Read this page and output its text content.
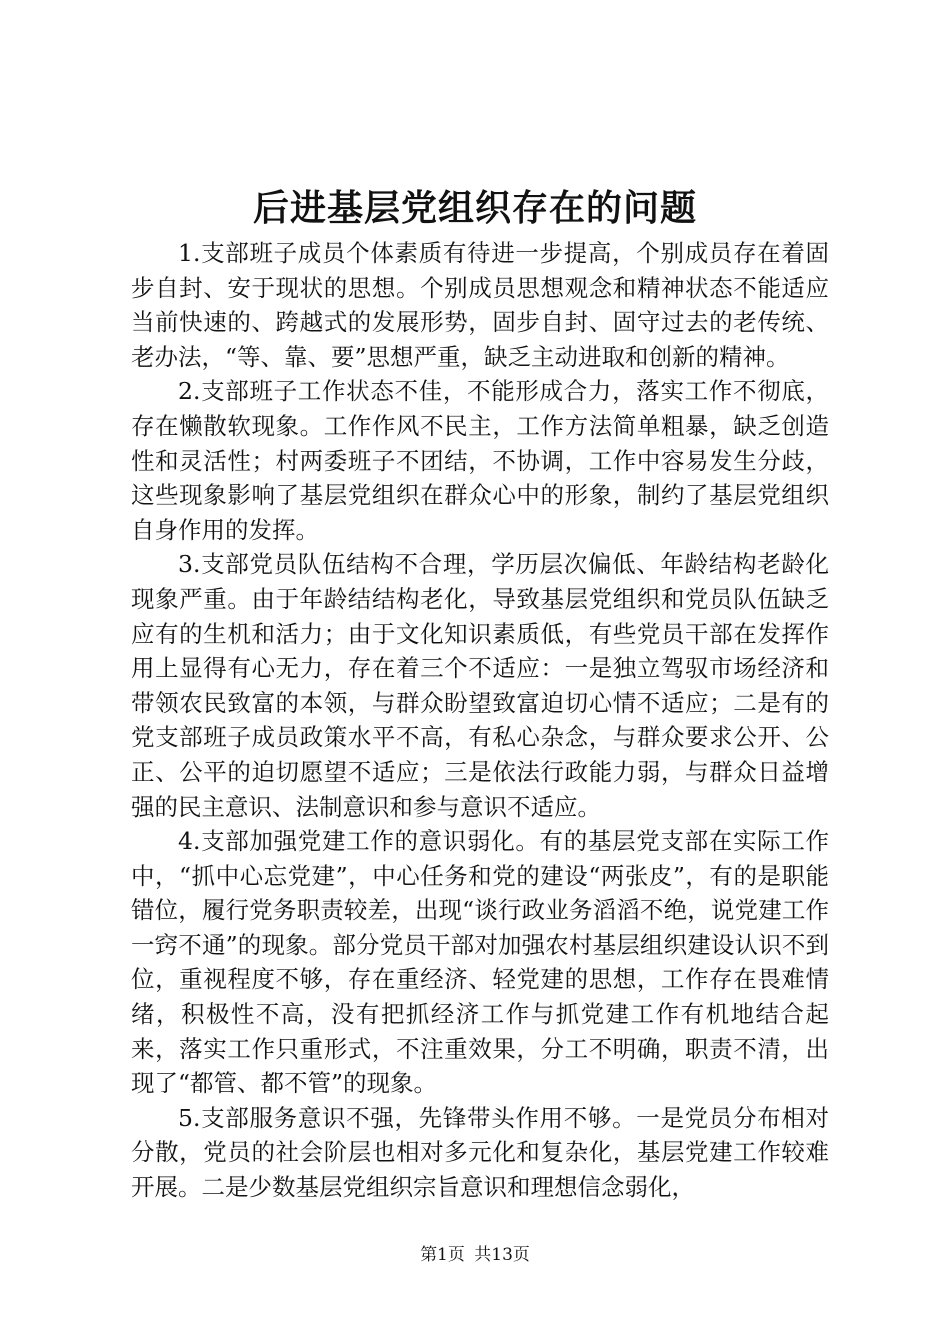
后进基层党组织存在的问题

1.支部班子成员个体素质有待进一步提高，个别成员存在着固步自封、安于现状的思想。个别成员思想观念和精神状态不能适应当前快速的、跨越式的发展形势，固步自封、固守过去的老传统、老办法，“等、靠、要”思想严重，缺乏主动进取和创新的精神。

2.支部班子工作状态不佳，不能形成合力，落实工作不彻底，存在懒散软现象。工作作风不民主，工作方法简单粗暴，缺乏创造性和灵活性；村两委班子不团结，不协调，工作中容易发生分歧，这些现象影响了基层党组织在群众心中的形象，制约了基层党组织自身作用的发挥。

3.支部党员队伍结构不合理，学历层次偏低、年龄结构老龄化现象严重。由于年龄结结构老化，导致基层党组织和党员队伍缺乏应有的生机和活力；由于文化知识素质低，有些党员干部在发挥作用上显得有心无力，存在着三个不适应：一是独立驾驭市场经济和带领农民致富的本领，与群众盼望致富迫切心情不适应；二是有的党支部班子成员政策水平不高，有私心杂念，与群众要求公开、公正、公平的迫切愿望不适应；三是依法行政能力弱，与群众日益增强的民主意识、法制意识和参与意识不适应。

4.支部加强党建工作的意识弱化。有的基层党支部在实际工作中，“抓中心忘党建”，中心任务和党的建设“两张皮”，有的是职能错位，履行党务职责较差，出现“谈行政业务滔滔不绝，说党建工作一窍不通”的现象。部分党员干部对加强农村基层组织建设认识不到位，重视程度不够，存在重经济、轻党建的思想，工作存在畏难情绪，积极性不高，没有把抓经济工作与抓党建工作有机地结合起来，落实工作只重形式，不注重效果，分工不明确，职责不清，出现了“都管、都不管”的现象。

5.支部服务意识不强，先锋带头作用不够。一是党员分布相对分散，党员的社会阶层也相对多元化和复杂化，基层党建工作较难开展。二是少数基层党组织宗旨意识和理想信念弱化，

第1页 共13页
